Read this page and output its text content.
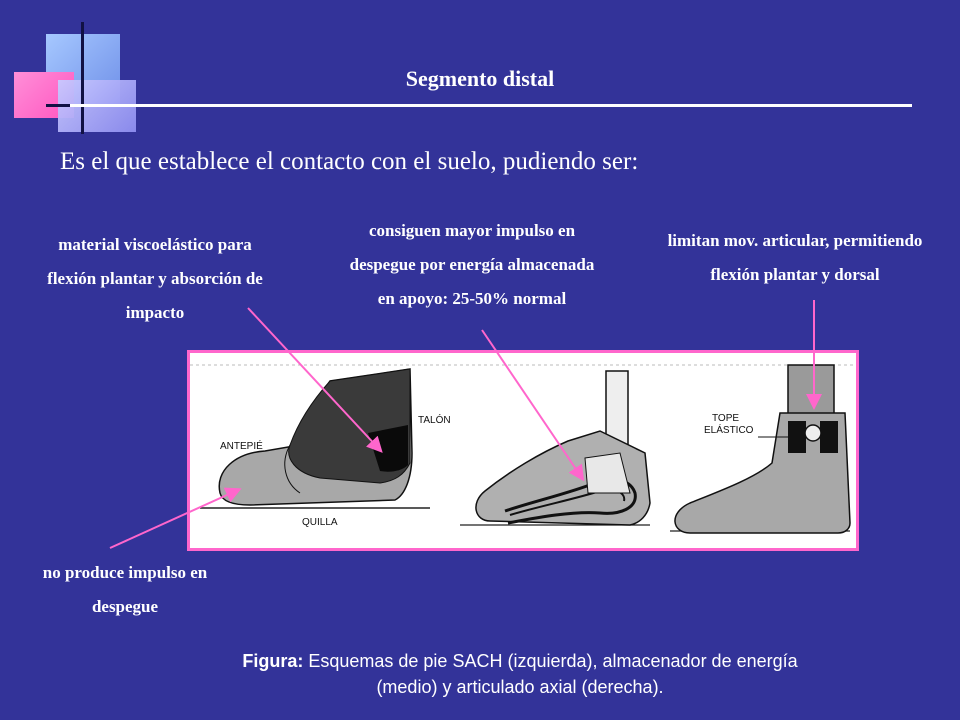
Segmento distal
Es el que establece el contacto con el suelo, pudiendo ser:
material viscoelástico para
flexión plantar y absorción de
impacto
consiguen mayor impulso en
despegue por energía almacenada
en apoyo: 25-50% normal
limitan mov. articular, permitiendo
flexión plantar y dorsal
TALÓN
ANTEPIÉ
QUILLA
TOPE
ELÁSTICO
no produce impulso en
despegue
Figura: Esquemas de pie SACH (izquierda), almacenador de energía
(medio) y articulado axial (derecha).
